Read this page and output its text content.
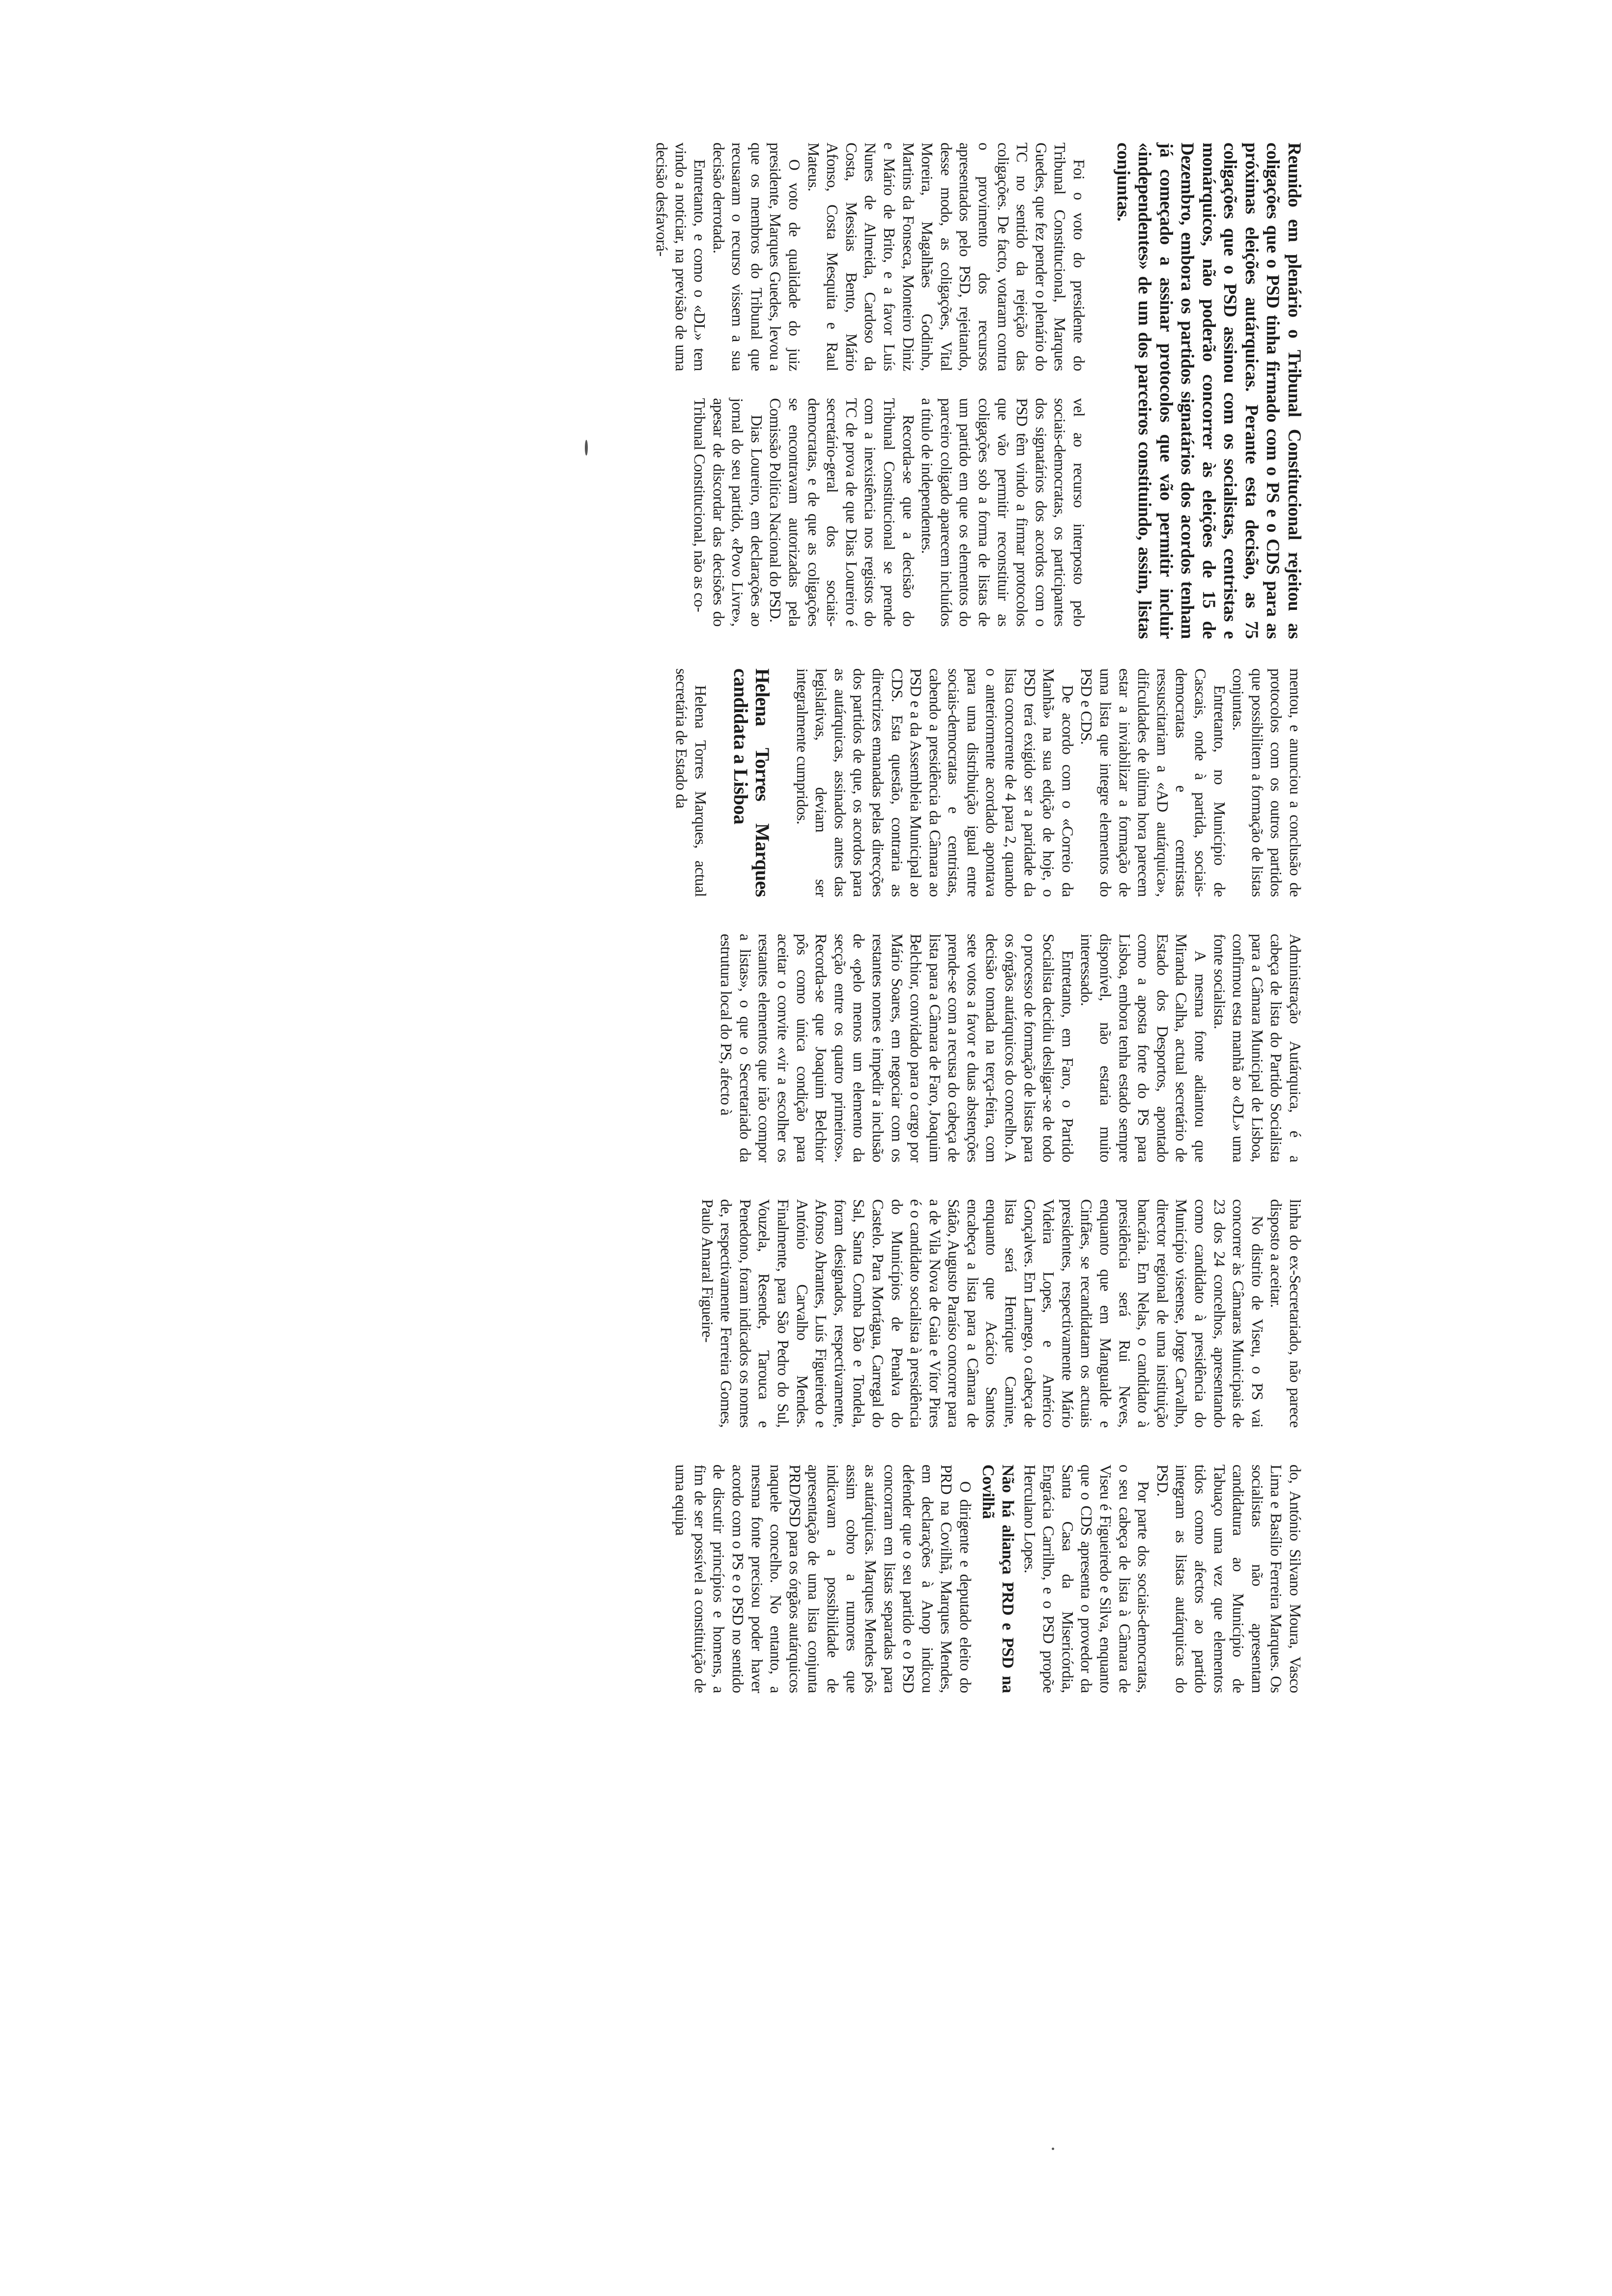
Reunido em plenário o Tribunal Constitucional rejeitou as coligações que o PSD tinha firmado com o PS e o CDS para as próximas eleições autárquicas. Perante esta decisão, as 75 coligações que o PSD assinou com os socialistas, centristas e monárquicos, não poderão concorrer às eleições de 15 de Dezembro, embora os partidos signatários dos acordos tenham já começado a assinar protocolos que vão permitir incluir «independentes» de um dos parceiros constituindo, assim, listas conjuntas.

Foi o voto do presidente do Tribunal Constitucional, Marques Guedes, que fez pender o plenário do TC no sentido da rejeição das coligações. De facto, votaram contra o provimento dos recursos apresentados pelo PSD, rejeitando, desse modo, as coligações, Vital Moreira, Magalhães Godinho, Martins da Fonseca, Monteiro Diniz e Mário de Brito, e a favor Luís Nunes de Almeida, Cardoso da Costa, Messias Bento, Mário Afonso, Costa Mesquita e Raul Mateus.

O voto de qualidade do juiz presidente, Marques Guedes, levou a que os membros do Tribunal que recusaram o recurso vissem a sua decisão derrotada.

Entretanto, e como o «DL» tem vindo a noticiar, na previsão de uma decisão desfavorá-

vel ao recurso interposto pelo sociais-democratas, os participantes dos signatários dos acordos com o PSD têm vindo a firmar protocolos que vão permitir reconstituir as coligações sob a forma de listas de um partido em que os elementos do parceiro coligado aparecem incluídos a título de independentes.

Recorda-se que a decisão do Tribunal Constitucional se prende com a inexistência nos registos do TC de prova de que Dias Loureiro é secretário-geral dos sociais-democratas, e de que as coligações se encontravam autorizadas pela Comissão Política Nacional do PSD.

Dias Loureiro, em declarações ao jornal do seu partido, «Povo Livre», apesar de discordar das decisões do Tribunal Constitucional, não as co-

mentou, e anunciou a conclusão de protocolos com os outros partidos que possibilitem a formação de listas conjuntas.

Entretanto, no Município de Cascais, onde à partida, sociais-democratas e centristas ressuscitariam a «AD autárquica», dificuldades de última hora parecem estar a inviabilizar a formação de uma lista que integre elementos do PSD e CDS.

De acordo com o «Correio da Manhã» na sua edição de hoje, o PSD terá exigido ser a paridade da lista concorrente de 4 para 2, quando o anteriormente acordado apontava para uma distribuição igual entre sociais-democratas e centristas, cabendo a presidência da Câmara ao PSD e a da Assembleia Municipal ao CDS. Esta questão, contraria as directrizes emanadas pelas direcções dos partidos de que, os acordos para as autárquicas, assinados antes das legislativas, deviam ser integralmente cumpridos.

Helena Torres Marques candidata a Lisboa

Helena Torres Marques, actual secretária de Estado da

Administração Autárquica, é a cabeça de lista do Partido Socialista para a Câmara Municipal de Lisboa, confirmou esta manhã ao «DL» uma fonte socialista.

A mesma fonte adiantou que Miranda Calha, actual secretário de Estado dos Desportos, apontado como a aposta forte do PS para Lisboa, embora tenha estado sempre disponível, não estaria muito interessado.

Entretanto, em Faro, o Partido Socialista decidiu desligar-se de todo o processo de formação de listas para os órgãos autárquicos do concelho. A decisão tomada na terça-feira, com sete votos a favor e duas abstenções prende-se com a recusa do cabeça de lista para a Câmara de Faro, Joaquim Belchior, convidado para o cargo por Mário Soares, em negociar com os restantes nomes e impedir a inclusão de «pelo menos um elemento da secção entre os quatro primeiros». Recorda-se que Joaquim Belchior pôs como única condição para aceitar o convite «vir a escolher os restantes elementos que irão compor a listas», o que o Secretariado da estrutura local do PS, afecto à

linha do ex-Secretariado, não parece disposto a aceitar.

No distrito de Viseu, o PS vai concorrer às Câmaras Municipais de 23 dos 24 concelhos, apresentando como candidato à presidência do Município viseense, Jorge Carvalho, director regional de uma instituição bancária. Em Nelas, o candidato à presidência será Rui Neves, enquanto que em Mangualde e Cinfães, se recandidatam os actuais presidentes, respectivamente Mário Videira Lopes, e Américo Gonçalves. Em Lamego, o cabeça de lista será Henrique Camine, enquanto que Acácio Santos encabeça a lista para a Câmara de Sátão, Augusto Paraíso concorre para a de Vila Nova de Gaia e Vítor Pires é o candidato socialista à presidência do Municípios de Penalva do Castelo. Para Mortágua, Carregal do Sal, Santa Comba Dão e Tondela, foram designados, respectivamente, Afonso Abrantes, Luís Figueiredo e António Carvalho Mendes. Finalmente, para São Pedro do Sul, Vouzela, Resende, Tarouca e Penedono, foram indicados os nomes de, respectivamente Ferreira Gomes, Paulo Amaral Figueire-

do, António Silvano Moura, Vasco Lima e Basílio Ferreira Marques. Os socialistas não apresentam candidatura ao Município de Tabuaço uma vez que elementos tidos como afectos ao partido integram as listas autárquicas do PSD.

Por parte dos sociais-democratas, o seu cabeça de lista à Câmara de Viseu é Figueiredo e Silva, enquanto que o CDS apresenta o provedor da Santa Casa da Misericórdia, Engrácia Carrilho, e o PSD propõe Herculano Lopes.

Não há aliança PRD e PSD na Covilhã

O dirigente e deputado eleito do PRD na Covilhã, Marques Mendes, em declarações à Anop indicou defender que o seu partido e o PSD concorram em listas separadas para as autárquicas. Marques Mendes pôs assim cobro a rumores que indicavam a possibilidade de apresentação de uma lista conjunta PRD/PSD para os órgãos autárquicos naquele concelho. No entanto, a mesma fonte precisou poder haver acordo com o PS e o PSD no sentido de discutir princípios e homens, a fim de ser possível a constituição de uma equipa
